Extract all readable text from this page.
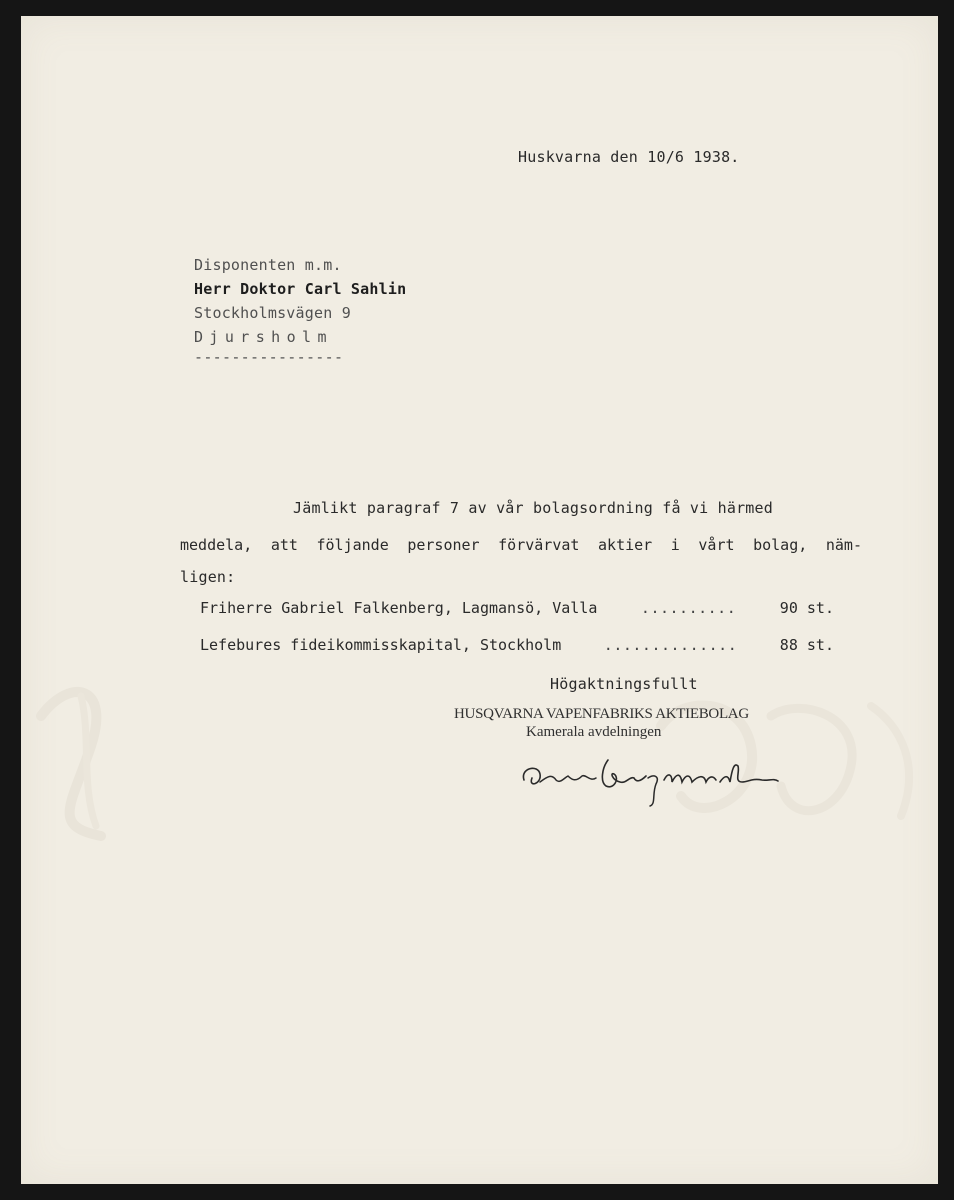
Huskvarna den 10/6 1938.

Disponenten m.m.

Herr Doktor Carl Sahlin

Stockholmsvägen 9

Djursholm

----------------

Jämlikt paragraf 7 av vår bolagsordning få vi härmed

meddela, att följande personer förvärvat aktier i vårt bolag, näm-

ligen:

Friherre Gabriel Falkenberg, Lagmansö, Valla	..........	90 st.

Lefebures fideikommisskapital, Stockholm	..............	88 st.

Högaktningsfullt

HUSQVARNA VAPENFABRIKS AKTIEBOLAG

Kamerala avdelningen

Sven Bergmark
